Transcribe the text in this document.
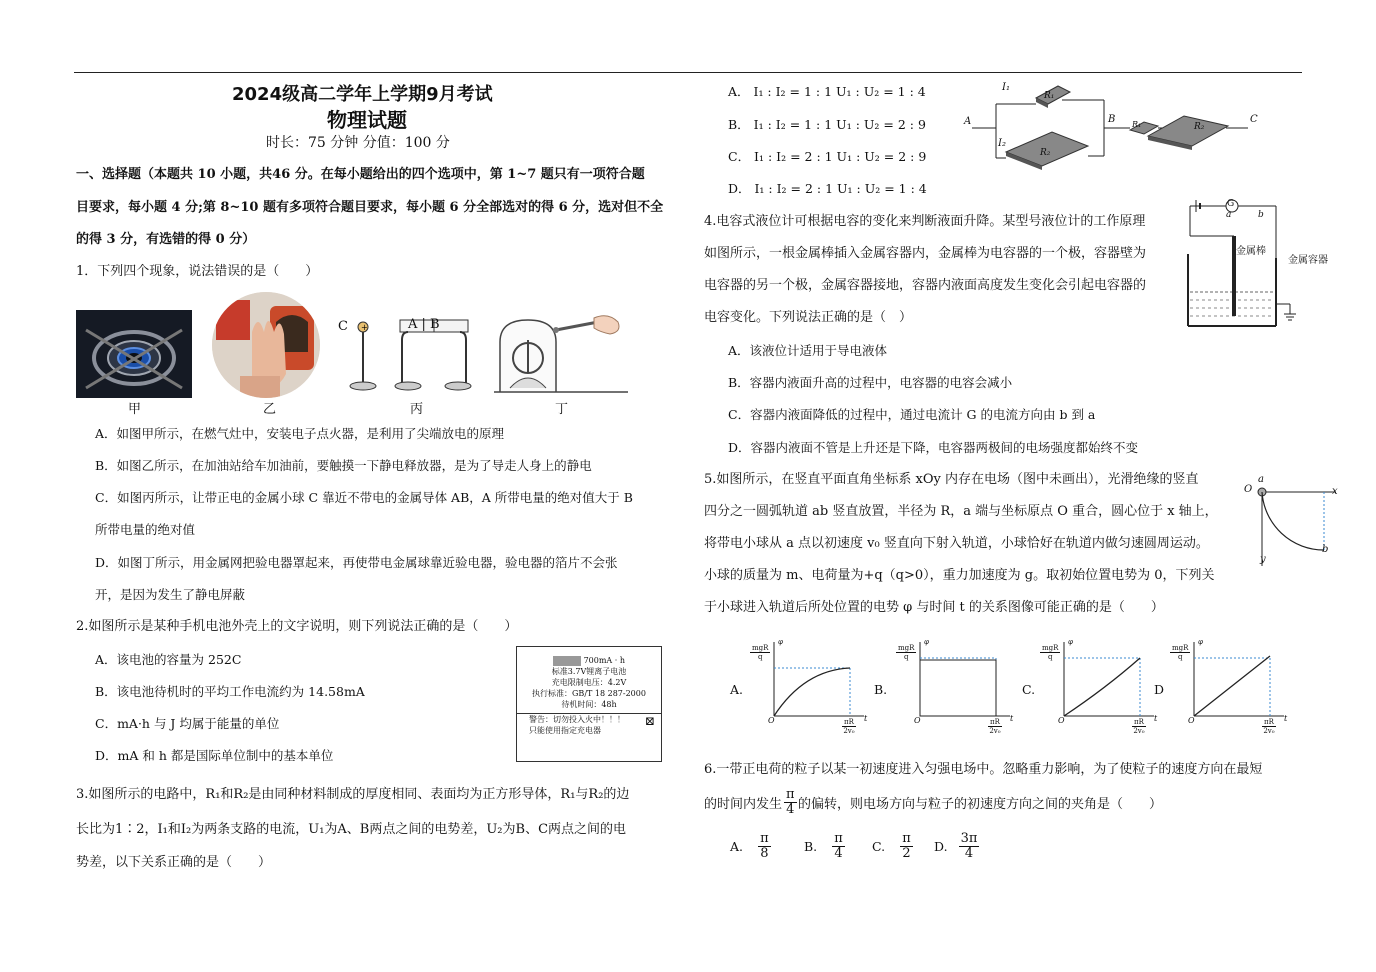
2024级高二学年上学期9月考试
物理试题
时长：75 分钟 分值：100 分
一、选择题（本题共 10 小题，共46 分。在每小题给出的四个选项中，第 1~7 题只有一项符合题
目要求，每小题 4 分;第 8~10 题有多项符合题目要求，每小题 6 分全部选对的得 6 分，选对但不全
的得 3 分，有选错的得 0 分）
1．下列四个现象，说法错误的是（　　）
+
C	A | B
甲	乙	丙	丁
A．如图甲所示，在燃气灶中，安装电子点火器，是利用了尖端放电的原理
B．如图乙所示，在加油站给车加油前，要触摸一下静电释放器，是为了导走人身上的静电
C．如图丙所示，让带正电的金属小球 C 靠近不带电的金属导体 AB，A 所带电量的绝对值大于 B
所带电量的绝对值
D．如图丁所示，用金属网把验电器罩起来，再使带电金属球靠近验电器，验电器的箔片不会张
开，是因为发生了静电屏蔽
2.如图所示是某种手机电池外壳上的文字说明，则下列说法正确的是（　　）
A．该电池的容量为 252C
B．该电池待机时的平均工作电流约为 14.58mA
C．mA·h 与 J 均属于能量的单位
D．mA 和 h 都是国际单位制中的基本单位
700mA · h
标准3.7V锂离子电池
充电限制电压：4.2V
执行标准：GB/T 18 287-2000
待机时间：48h
警告：切勿投入火中！！！
只能使用指定充电器
⊠
3.如图所示的电路中，R₁和R₂是由同种材料制成的厚度相同、表面均为正方形导体，R₁与R₂的边
长比为1∶2，I₁和I₂为两条支路的电流，U₁为A、B两点之间的电势差，U₂为B、C两点之间的电
势差，以下关系正确的是（　　）
A． I₁ : I₂ = 1 : 1 U₁ : U₂ = 1 : 4
B． I₁ : I₂ = 1 : 1 U₁ : U₂ = 2 : 9
C． I₁ : I₂ = 2 : 1 U₁ : U₂ = 2 : 9
D． I₁ : I₂ = 2 : 1 U₁ : U₂ = 1 : 4
A	B	C
I₁
I₂
R₁
R₂
R₁	R₂
4.电容式液位计可根据电容的变化来判断液面升降。某型号液位计的工作原理
如图所示，一根金属棒插入金属容器内，金属棒为电容器的一个极，容器壁为
电容器的另一个极，金属容器接地，容器内液面高度发生变化会引起电容器的
电容变化。下列说法正确的是（　）
A．该液位计适用于导电液体
B．容器内液面升高的过程中，电容器的电容会减小
C．容器内液面降低的过程中，通过电流计 G 的电流方向由 b 到 a
D．容器内液面不管是上升还是下降，电容器两极间的电场强度都始终不变
G
a	b
金属棒
金属容器
5.如图所示，在竖直平面直角坐标系 xOy 内存在电场（图中未画出），光滑绝缘的竖直
四分之一圆弧轨道 ab 竖直放置，半径为 R，a 端与坐标原点 O 重合，圆心位于 x 轴上，
将带电小球从 a 点以初速度 v₀ 竖直向下射入轨道，小球恰好在轨道内做匀速圆周运动。
小球的质量为 m、电荷量为+q（q>0），重力加速度为 g。取初始位置电势为 0，下列关
于小球进入轨道后所处位置的电势 φ 与时间 t 的关系图像可能正确的是（　　）
O
a
x
b
y
A.	B.	C.	D
mgR
q
φ
O	$\frac{\pi R}{\text{2v₀}}$ t
mgR
q
φ
O	$\frac{\pi R}{\text{2v₀}}$ t
mgR
q
φ
O	$\frac{\pi R}{\text{2v₀}}$ t
mgR
q
φ
O	$\frac{\pi R}{\text{2v₀}}$ t
6.一带正电荷的粒子以某一初速度进入匀强电场中。忽略重力影响，为了使粒子的速度方向在最短
的时间内发生 $\frac{\pi}{4}$ 的偏转，则电场方向与粒子的初速度方向之间的夹角是（　　）
A. $\frac{\pi}{8}$	B. $\frac{\pi}{4} C$. $\frac{\pi}{2} D$. $\frac{3\pi}{4}$
